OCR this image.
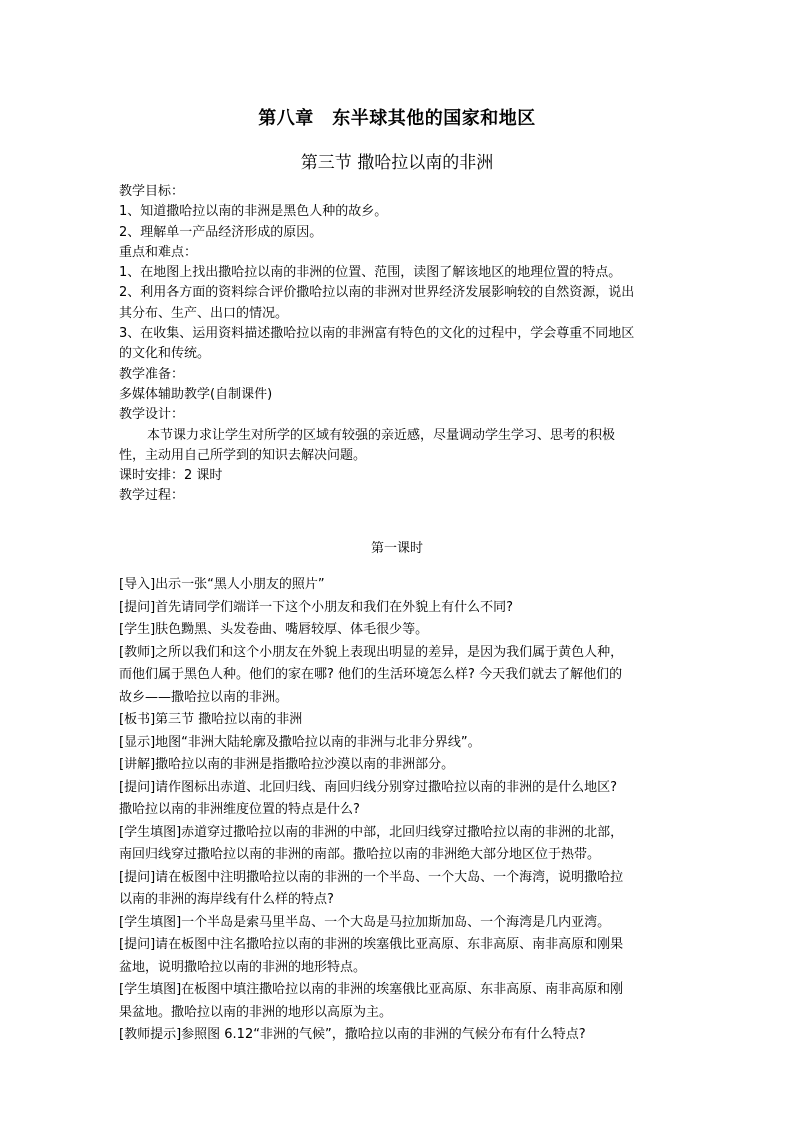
第八章　东半球其他的国家和地区
第三节 撒哈拉以南的非洲
教学目标：
1、知道撒哈拉以南的非洲是黑色人种的故乡。
2、理解单一产品经济形成的原因。
重点和难点：
1、在地图上找出撒哈拉以南的非洲的位置、范围，读图了解该地区的地理位置的特点。
2、利用各方面的资料综合评价撒哈拉以南的非洲对世界经济发展影响较的自然资源，说出
其分布、生产、出口的情况。
3、在收集、运用资料描述撒哈拉以南的非洲富有特色的文化的过程中，学会尊重不同地区
的文化和传统。
教学准备：
多媒体辅助教学(自制课件)
教学设计：
本节课力求让学生对所学的区域有较强的亲近感，尽量调动学生学习、思考的积极
性，主动用自己所学到的知识去解决问题。
课时安排：2 课时
教学过程：
第一课时
[导入]出示一张“黑人小朋友的照片”
[提问]首先请同学们端详一下这个小朋友和我们在外貌上有什么不同?
[学生]肤色黝黑、头发卷曲、嘴唇较厚、体毛很少等。
[教师]之所以我们和这个小朋友在外貌上表现出明显的差异，是因为我们属于黄色人种，
而他们属于黑色人种。他们的家在哪? 他们的生活环境怎么样? 今天我们就去了解他们的
故乡——撒哈拉以南的非洲。
[板书]第三节 撒哈拉以南的非洲
[显示]地图“非洲大陆轮廓及撒哈拉以南的非洲与北非分界线”。
[讲解]撒哈拉以南的非洲是指撒哈拉沙漠以南的非洲部分。
[提问]请作图标出赤道、北回归线、南回归线分别穿过撒哈拉以南的非洲的是什么地区?
撒哈拉以南的非洲维度位置的特点是什么?
[学生填图]赤道穿过撒哈拉以南的非洲的中部，北回归线穿过撒哈拉以南的非洲的北部，
南回归线穿过撒哈拉以南的非洲的南部。撒哈拉以南的非洲绝大部分地区位于热带。
[提问]请在板图中注明撒哈拉以南的非洲的一个半岛、一个大岛、一个海湾，说明撒哈拉
以南的非洲的海岸线有什么样的特点?
[学生填图]一个半岛是索马里半岛、一个大岛是马拉加斯加岛、一个海湾是几内亚湾。
[提问]请在板图中注名撒哈拉以南的非洲的埃塞俄比亚高原、东非高原、南非高原和刚果
盆地，说明撒哈拉以南的非洲的地形特点。
[学生填图]在板图中填注撒哈拉以南的非洲的埃塞俄比亚高原、东非高原、南非高原和刚
果盆地。撒哈拉以南的非洲的地形以高原为主。
[教师提示]参照图 6.12“非洲的气候”，撒哈拉以南的非洲的气候分布有什么特点?
